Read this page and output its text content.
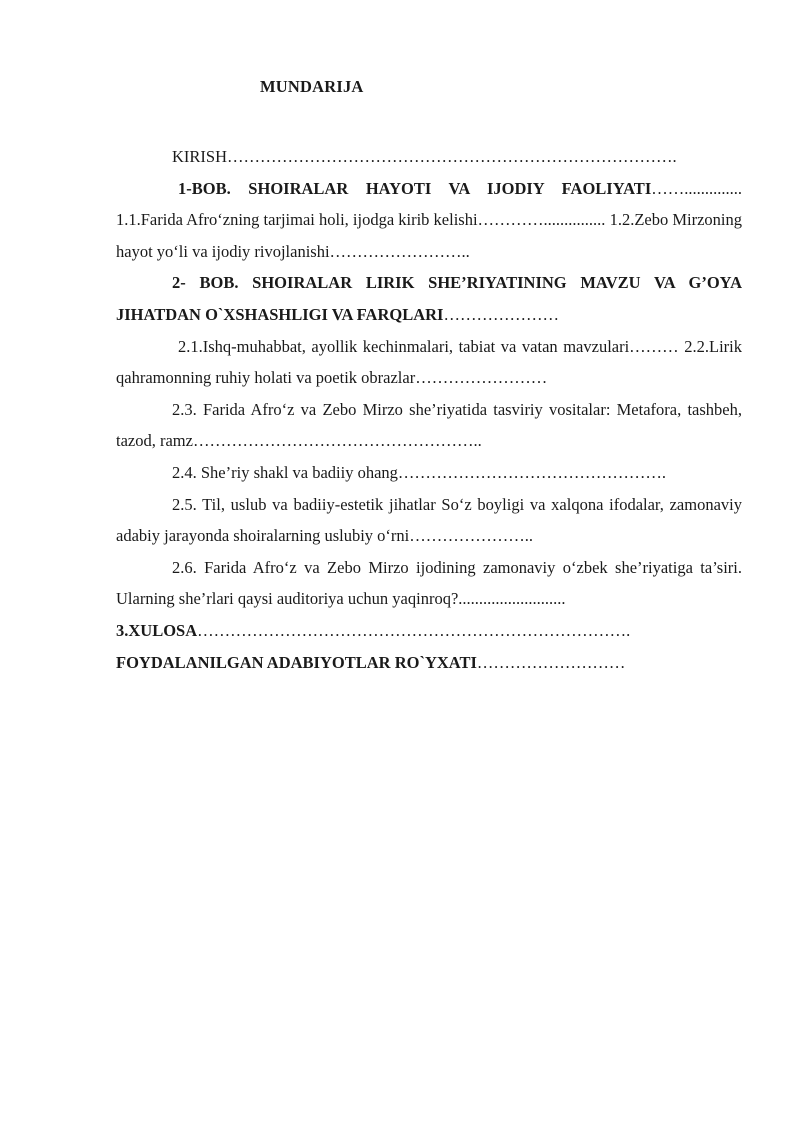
MUNDARIJA

KIRISH……………………………………………………………………….

1-BOB. SHOIRALAR HAYOTI VA IJODIY FAOLIYATI…….............. 1.1.Farida Afro‘zning tarjimai holi, ijodga kirib kelishi…………............... 1.2.Zebo Mirzoning hayot yo‘li va ijodiy rivojlanishi……………………..

2- BOB. SHOIRALAR LIRIK SHE’RIYATINING MAVZU VA G’OYA JIHATDAN O`XSHASHLIGI VA FARQLARI…………………

2.1.Ishq-muhabbat, ayollik kechinmalari, tabiat va vatan mavzulari……… 2.2.Lirik qahramonning ruhiy holati va poetik obrazlar……………………

2.3. Farida Afro‘z va Zebo Mirzo she’riyatida tasviriy vositalar: Metafora, tashbeh, tazod, ramz……………………………………………..

2.4. She’riy shakl va badiiy ohang………………………………………….

2.5. Til, uslub va badiiy-estetik jihatlar So‘z boyligi va xalqona ifodalar, zamonaviy adabiy jarayonda shoiralarning uslubiy o‘rni…………………..

2.6. Farida Afro‘z va Zebo Mirzo ijodining zamonaviy o‘zbek she’riyatiga ta’siri. Ularning she’rlari qaysi auditoriya uchun yaqinroq?..........................

3.XULOSA…………………………………………………………………….

FOYDALANILGAN ADABIYOTLAR RO`YXATI………………………
